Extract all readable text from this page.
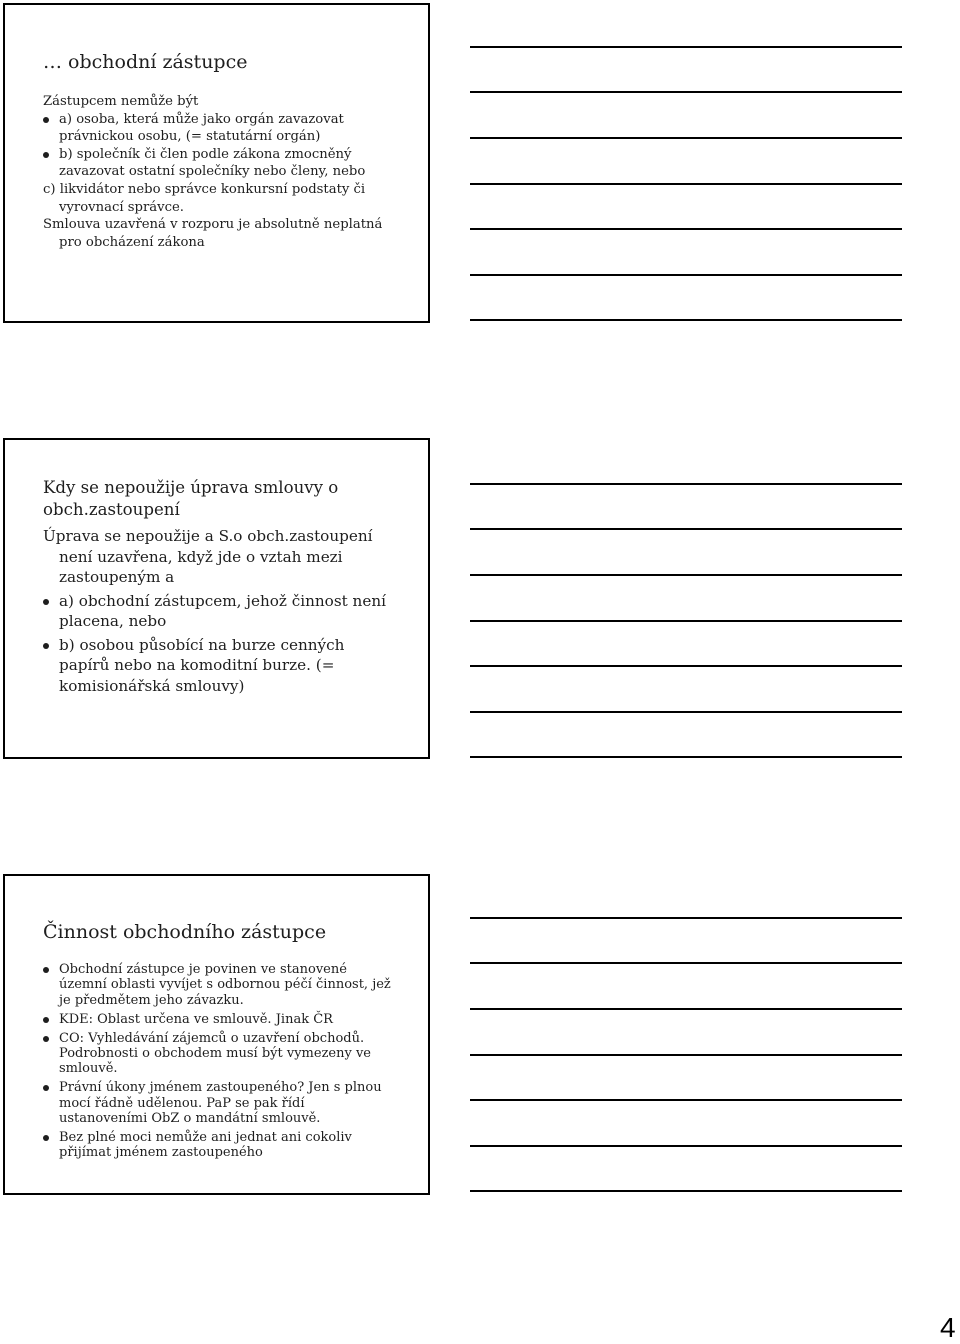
… obchodní zástupce
Zástupcem nemůže být
a) osoba, která může jako orgán zavazovat
právnickou osobu, (= statutární orgán)
b) společník či člen podle zákona zmocněný
zavazovat ostatní společníky nebo členy, nebo
c) likvidátor nebo správce konkursní podstaty či
vyrovnací správce.
Smlouva uzavřená v rozporu je absolutně neplatná
pro obcházení zákona
Kdy se nepoužije úprava smlouvy o
obch.zastoupení
Úprava se nepoužije a S.o obch.zastoupení
není uzavřena, když jde o vztah mezi
zastoupeným a
a) obchodní zástupcem, jehož činnost není
placena, nebo
b) osobou působící na burze cenných
papírů nebo na komoditní burze. (=
komisionářská smlouvy)
Činnost obchodního zástupce
Obchodní zástupce je povinen ve stanovené
územní oblasti vyvíjet s odbornou péčí činnost, jež
je předmětem jeho závazku.
KDE: Oblast určena ve smlouvě. Jinak ČR
CO: Vyhledávání zájemců o uzavření obchodů.
Podrobnosti o obchodem musí být vymezeny ve
smlouvě.
Právní úkony jménem zastoupeného? Jen s plnou
mocí řádně udělenou. PaP se pak řídí
ustanoveními ObZ o mandátní smlouvě.
Bez plné moci nemůže ani jednat ani cokoliv
přijímat jménem zastoupeného
4
